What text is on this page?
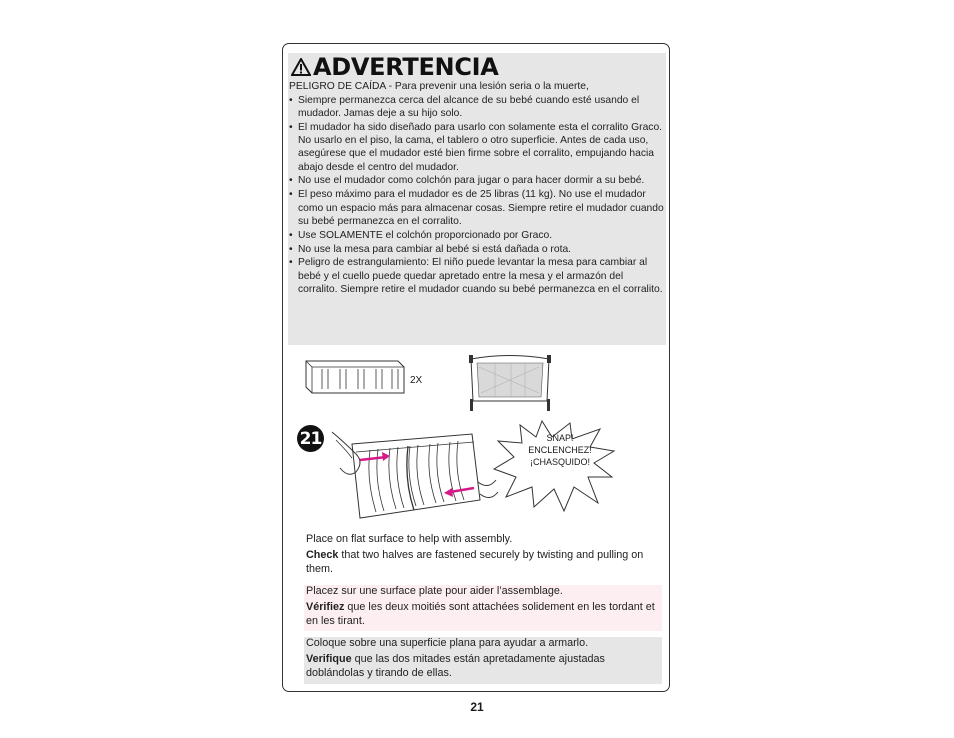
ADVERTENCIA

PELIGRO DE CAÍDA - Para prevenir una lesión seria o la muerte,

• Siempre permanezca cerca del alcance de su bebé cuando esté usando el mudador. Jamas deje a su hijo solo.
• El mudador ha sido diseñado para usarlo con solamente esta el corralito Graco. No usarlo en el piso, la cama, el tablero o otro superficie. Antes de cada uso, asegúrese que el mudador esté bien firme sobre el corralito, empujando hacia abajo desde el centro del mudador.
• No use el mudador como colchón para jugar o para hacer dormir a su bebé.
• El peso máximo para el mudador es de 25 libras (11 kg). No use el mudador como un espacio más para almacenar cosas. Siempre retire el mudador cuando su bebé permanezca en el corralito.
• Use SOLAMENTE el colchón proporcionado por Graco.
• No use la mesa para cambiar al bebé si está dañada o rota.
• Peligro de estrangulamiento: El niño puede levantar la mesa para cambiar al bebé y el cuello puede quedar apretado entre la mesa y el armazón del corralito. Siempre retire el mudador cuando su bebé permanezca en el corralito.
2X
21	SNAP!
ENCLENCHEZ!
¡CHASQUIDO!

Place on flat surface to help with assembly.

Check that two halves are fastened securely by twisting and pulling on them.

Placez sur une surface plate pour aider l’assemblage.

Vérifiez que les deux moitiés sont attachées solidement en les tordant et en les tirant.

Coloque sobre una superficie plana para ayudar a armarlo.

Verifique que las dos mitades están apretadamente ajustadas doblándolas y tirando de ellas.

21
